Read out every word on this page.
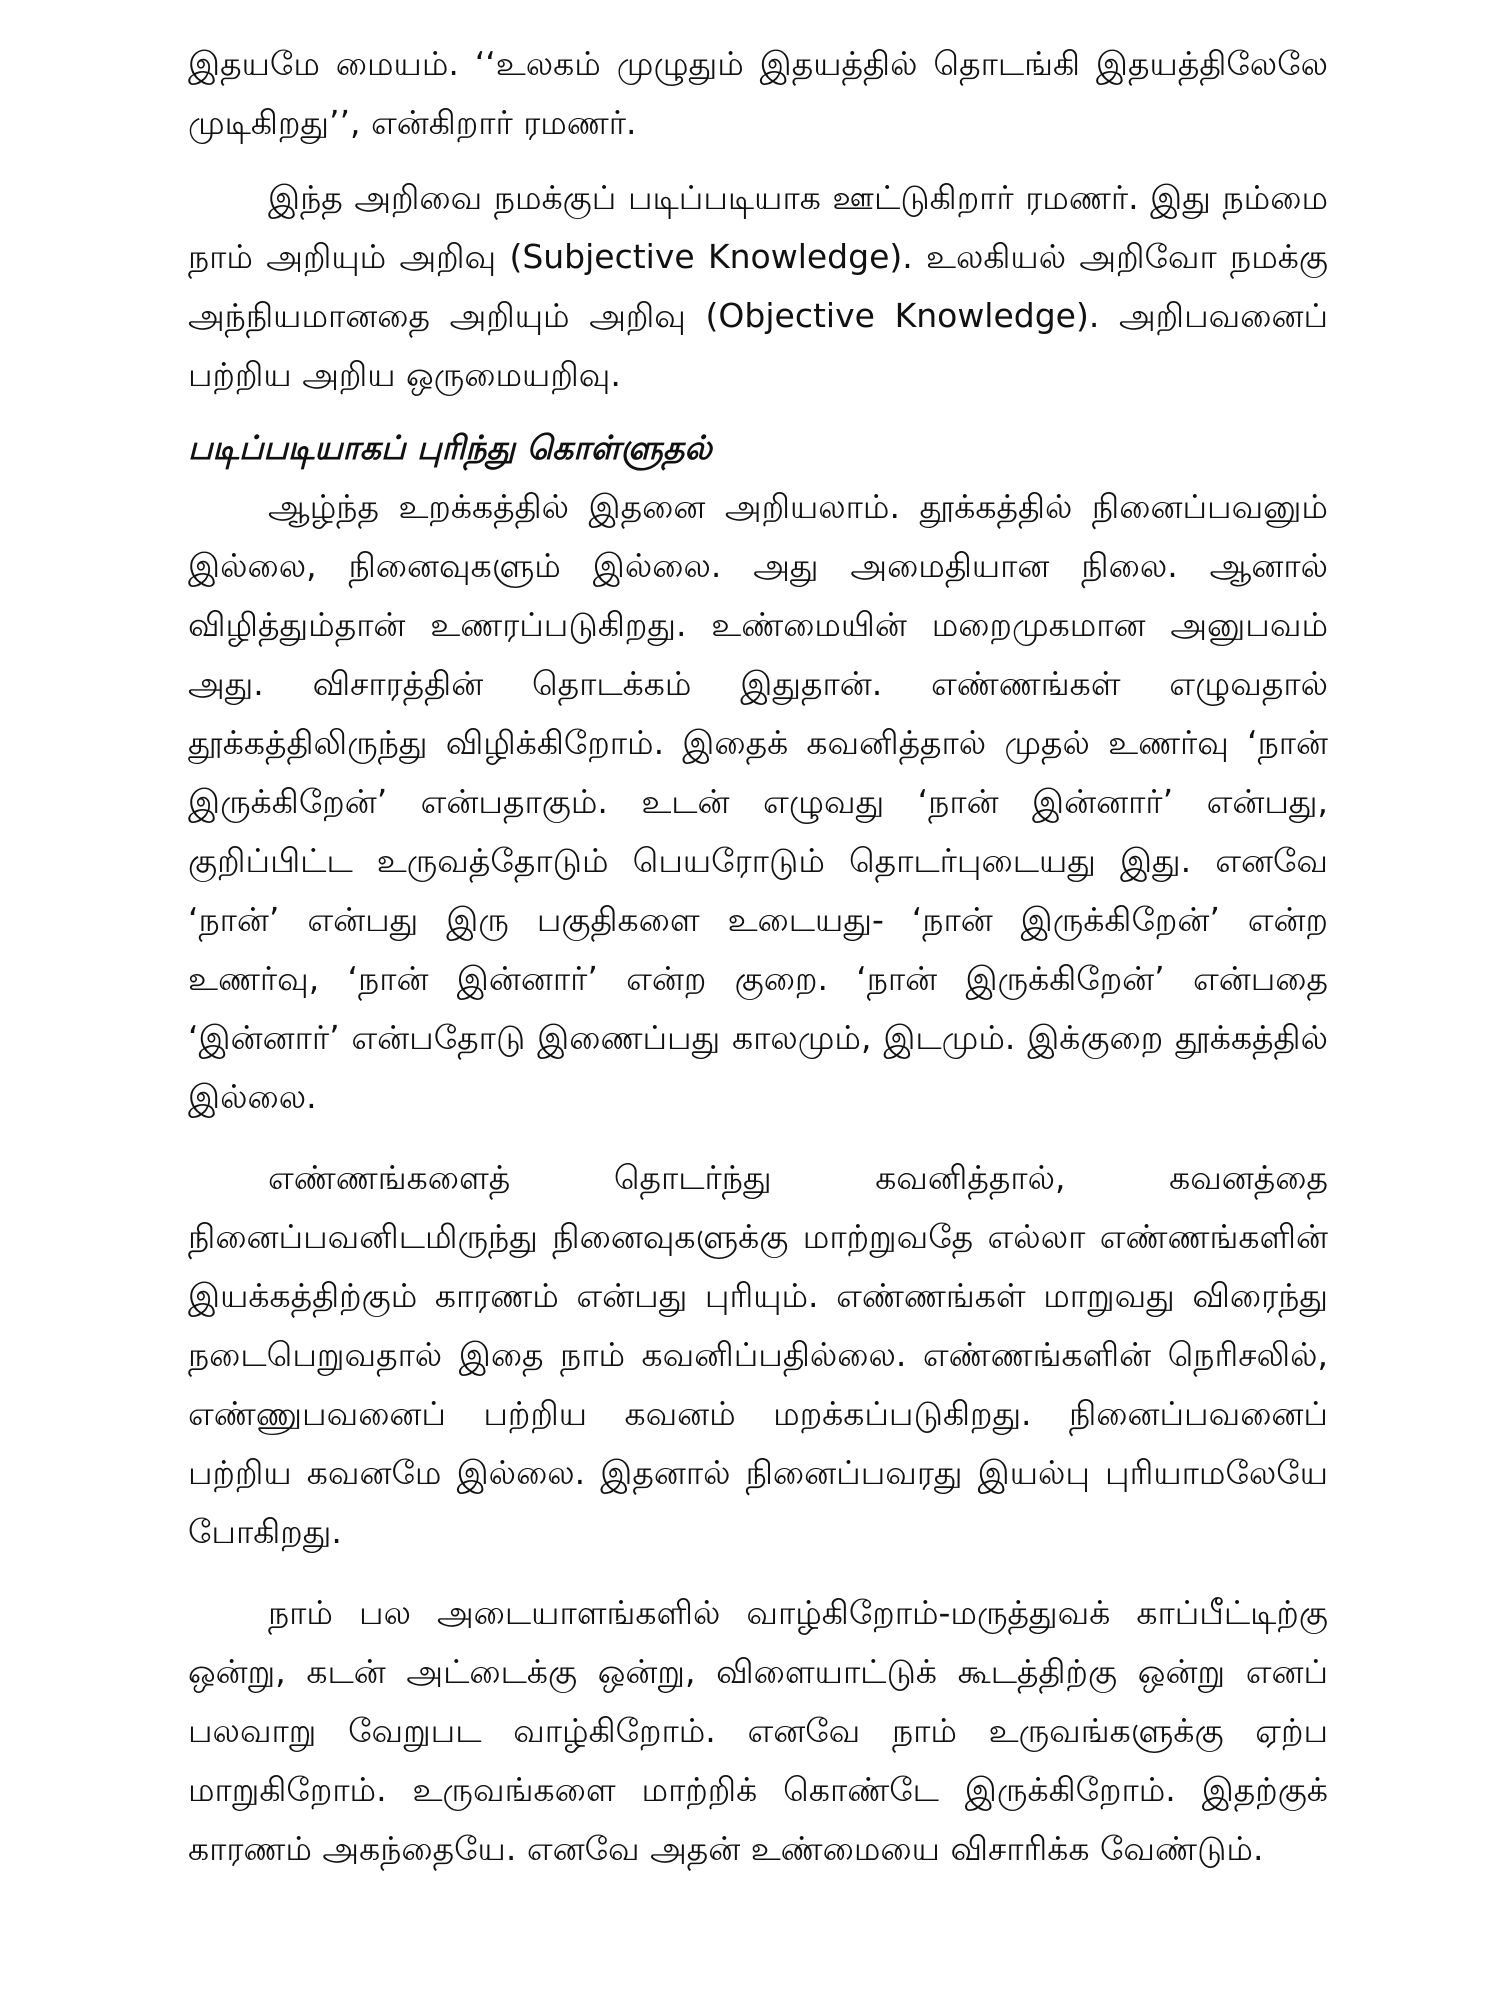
இதயமே மையம். ‘‘உலகம் முழுதும் இதயத்தில் தொடங்கி இதயத்திலேலே முடிகிறது’’, என்கிறார் ரமணர்.

இந்த அறிவை நமக்குப் படிப்படியாக ஊட்டுகிறார் ரமணர். இது நம்மை நாம் அறியும் அறிவு (Subjective Knowledge). உலகியல் அறிவோ நமக்கு அந்நியமானதை அறியும் அறிவு (Objective Knowledge). அறிபவனைப் பற்றிய அறிய ஒருமையறிவு.

படிப்படியாகப் புரிந்து கொள்ளுதல்

ஆழ்ந்த உறக்கத்தில் இதனை அறியலாம். தூக்கத்தில் நினைப்பவனும் இல்லை, நினைவுகளும் இல்லை. அது அமைதியான நிலை. ஆனால் விழித்தும்தான் உணரப்படுகிறது. உண்மையின் மறைமுகமான அனுபவம் அது. விசாரத்தின் தொடக்கம் இதுதான். எண்ணங்கள் எழுவதால் தூக்கத்திலிருந்து விழிக்கிறோம். இதைக் கவனித்தால் முதல் உணர்வு ‘நான் இருக்கிறேன்’ என்பதாகும். உடன் எழுவது ‘நான் இன்னார்’ என்பது, குறிப்பிட்ட உருவத்தோடும் பெயரோடும் தொடர்புடையது இது. எனவே ‘நான்’ என்பது இரு பகுதிகளை உடையது- ‘நான் இருக்கிறேன்’ என்ற உணர்வு, ‘நான் இன்னார்’ என்ற குறை. ‘நான் இருக்கிறேன்’ என்பதை ‘இன்னார்’ என்பதோடு இணைப்பது காலமும், இடமும். இக்குறை தூக்கத்தில் இல்லை.

எண்ணங்களைத் தொடர்ந்து கவனித்தால், கவனத்தை நினைப்பவனிடமிருந்து நினைவுகளுக்கு மாற்றுவதே எல்லா எண்ணங்களின் இயக்கத்திற்கும் காரணம் என்பது புரியும். எண்ணங்கள் மாறுவது விரைந்து நடைபெறுவதால் இதை நாம் கவனிப்பதில்லை. எண்ணங்களின் நெரிசலில், எண்ணுபவனைப் பற்றிய கவனம் மறக்கப்படுகிறது. நினைப்பவனைப் பற்றிய கவனமே இல்லை. இதனால் நினைப்பவரது இயல்பு புரியாமலேயே போகிறது.

நாம் பல அடையாளங்களில் வாழ்கிறோம்-மருத்துவக் காப்பீட்டிற்கு ஒன்று, கடன் அட்டைக்கு ஒன்று, விளையாட்டுக் கூடத்திற்கு ஒன்று எனப் பலவாறு வேறுபட வாழ்கிறோம். எனவே நாம் உருவங்களுக்கு ஏற்ப மாறுகிறோம். உருவங்களை மாற்றிக் கொண்டே இருக்கிறோம். இதற்குக் காரணம் அகந்தையே. எனவே அதன் உண்மையை விசாரிக்க வேண்டும்.
